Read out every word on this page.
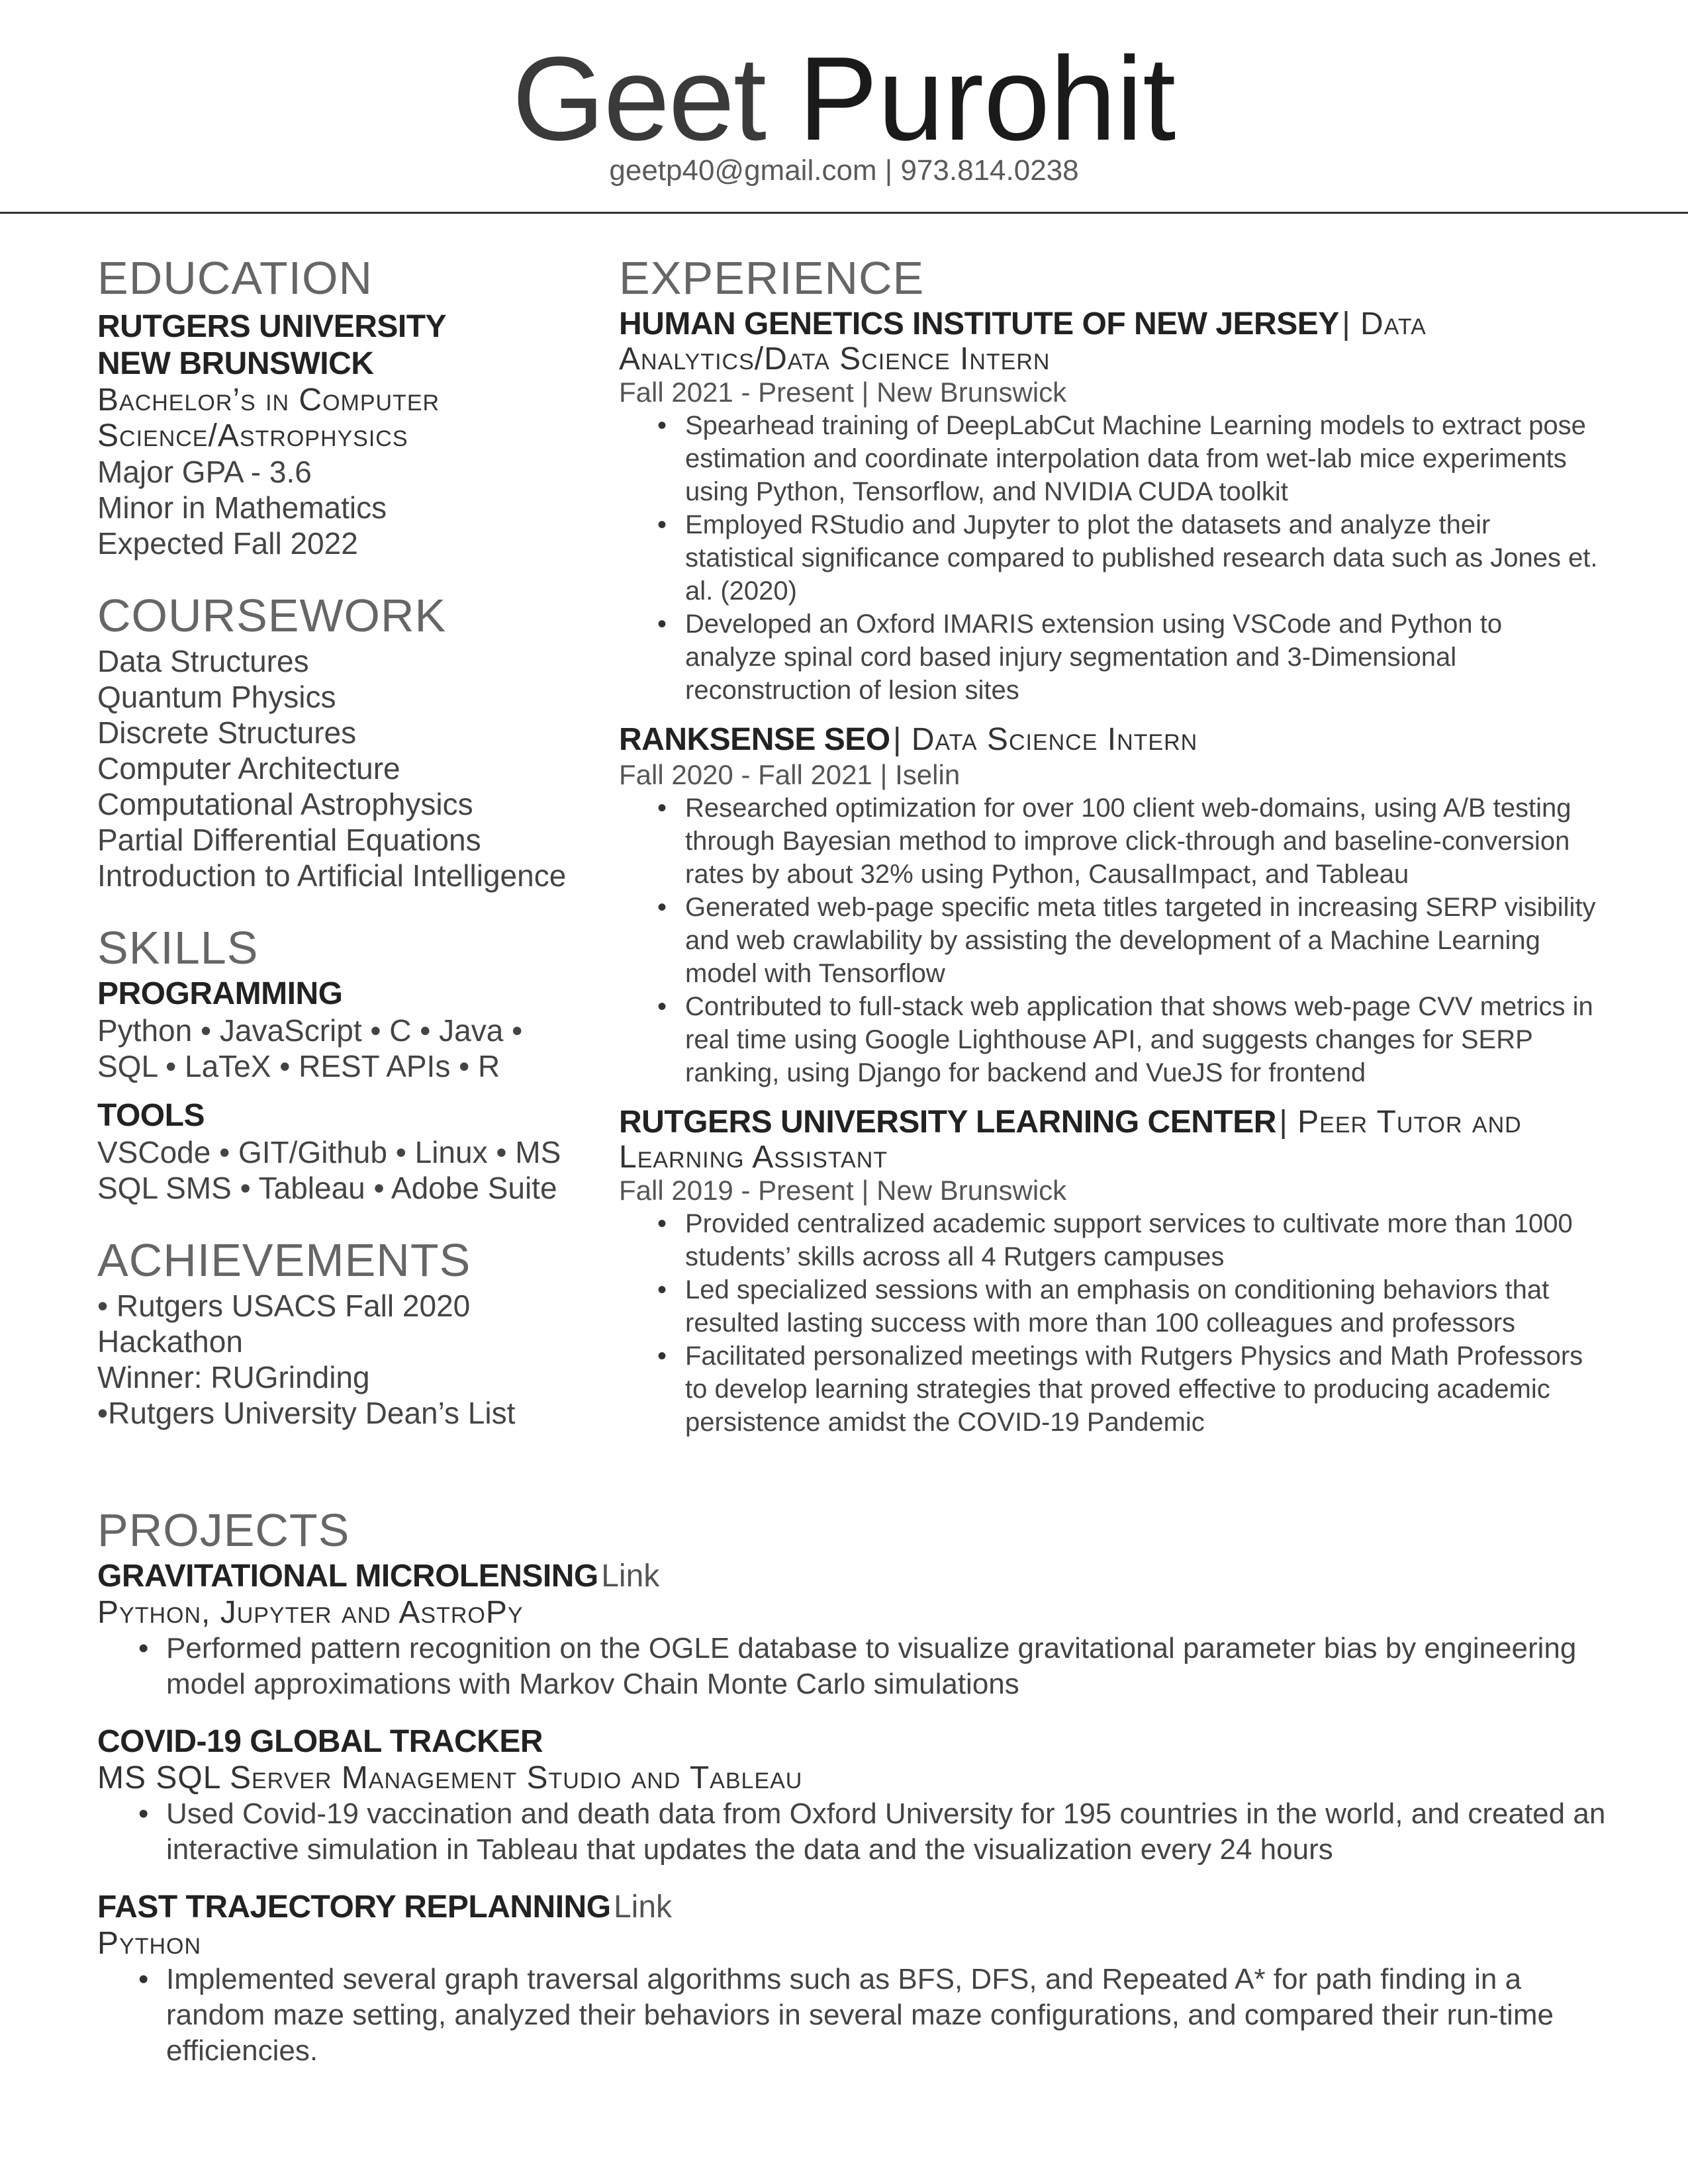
Geet Purohit
geetp40@gmail.com | 973.814.0238
EDUCATION
RUTGERS UNIVERSITY
NEW BRUNSWICK
Bachelor’s in Computer
Science/Astrophysics
Major GPA - 3.6
Minor in Mathematics
Expected Fall 2022
COURSEWORK
Data Structures
Quantum Physics
Discrete Structures
Computer Architecture
Computational Astrophysics
Partial Differential Equations
Introduction to Artificial Intelligence
SKILLS
PROGRAMMING
Python • JavaScript • C • Java •
SQL • LaTeX • REST APIs • R
TOOLS
VSCode • GIT/Github • Linux • MS
SQL SMS • Tableau • Adobe Suite
ACHIEVEMENTS
• Rutgers USACS Fall 2020 Hackathon
Winner: RUGrinding
•Rutgers University Dean’s List
EXPERIENCE
HUMAN GENETICS INSTITUTE OF NEW JERSEY | Data
Analytics/Data Science Intern
Fall 2021 - Present | New Brunswick
• Spearhead training of DeepLabCut Machine Learning models to extract pose estimation and coordinate interpolation data from wet-lab mice experiments using Python, Tensorflow, and NVIDIA CUDA toolkit
• Employed RStudio and Jupyter to plot the datasets and analyze their statistical significance compared to published research data such as Jones et. al. (2020)
• Developed an Oxford IMARIS extension using VSCode and Python to analyze spinal cord based injury segmentation and 3-Dimensional reconstruction of lesion sites
RANKSENSE SEO | Data Science Intern
Fall 2020 - Fall 2021 | Iselin
• Researched optimization for over 100 client web-domains, using A/B testing through Bayesian method to improve click-through and baseline-conversion rates by about 32% using Python, CausalImpact, and Tableau
• Generated web-page specific meta titles targeted in increasing SERP visibility and web crawlability by assisting the development of a Machine Learning model with Tensorflow
• Contributed to full-stack web application that shows web-page CVV metrics in real time using Google Lighthouse API, and suggests changes for SERP ranking, using Django for backend and VueJS for frontend
RUTGERS UNIVERSITY LEARNING CENTER | Peer Tutor and
Learning Assistant
Fall 2019 - Present | New Brunswick
• Provided centralized academic support services to cultivate more than 1000 students’ skills across all 4 Rutgers campuses
• Led specialized sessions with an emphasis on conditioning behaviors that resulted lasting success with more than 100 colleagues and professors
• Facilitated personalized meetings with Rutgers Physics and Math Professors to develop learning strategies that proved effective to producing academic persistence amidst the COVID-19 Pandemic
PROJECTS
GRAVITATIONAL MICROLENSING Link
Python, Jupyter and AstroPy
• Performed pattern recognition on the OGLE database to visualize gravitational parameter bias by engineering model approximations with Markov Chain Monte Carlo simulations
COVID-19 GLOBAL TRACKER
MS SQL Server Management Studio and Tableau
• Used Covid-19 vaccination and death data from Oxford University for 195 countries in the world, and created an interactive simulation in Tableau that updates the data and the visualization every 24 hours
FAST TRAJECTORY REPLANNING Link
Python
• Implemented several graph traversal algorithms such as BFS, DFS, and Repeated A* for path finding in a random maze setting, analyzed their behaviors in several maze configurations, and compared their run-time efficiencies.
